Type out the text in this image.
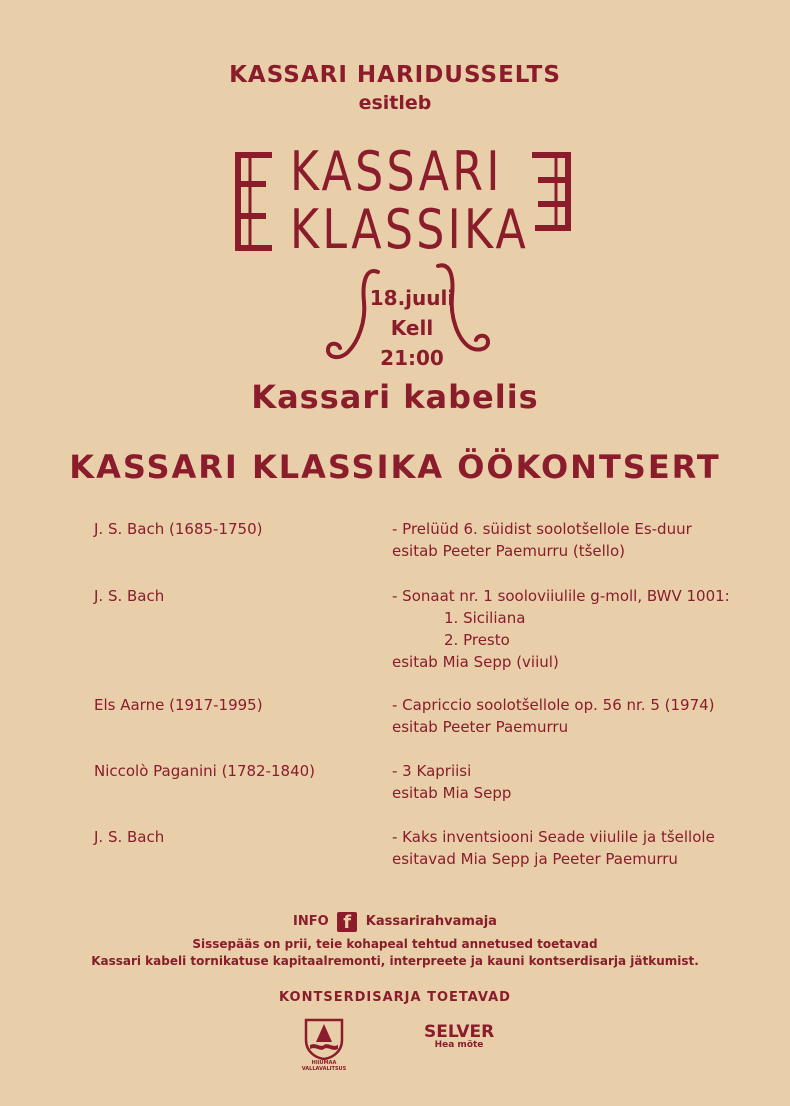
KASSARI HARIDUSSELTS
esitleb
KASSARI
KLASSIKA
18.juuli
Kell
21:00
Kassari kabelis
KASSARI KLASSIKA ÖÖKONTSERT
J. S. Bach (1685-1750)	- Prelüüd 6. süidist soolotšellole Es-duur
esitab Peeter Paemurru (tšello)
J. S. Bach	- Sonaat nr. 1 sooloviiulile g-moll, BWV 1001:
1. Siciliana
2. Presto
esitab Mia Sepp (viiul)
Els Aarne (1917-1995)	- Capriccio soolotšellole op. 56 nr. 5 (1974)
esitab Peeter Paemurru
Niccolò Paganini (1782-1840)	- 3 Kapriisi
esitab Mia Sepp
J. S. Bach	- Kaks inventsiooni Seade viiulile ja tšellole
esitavad Mia Sepp ja Peeter Paemurru
INFO f Kassarirahvamaja
Sissepääs on prii, teie kohapeal tehtud annetused toetavad
Kassari kabeli tornikatuse kapitaalremonti, interpreete ja kauni kontserdisarja jätkumist.
KONTSERDISARJA TOETAVAD
HIIUMAA VALLAVALITSUS
SELVER
Hea mõte
